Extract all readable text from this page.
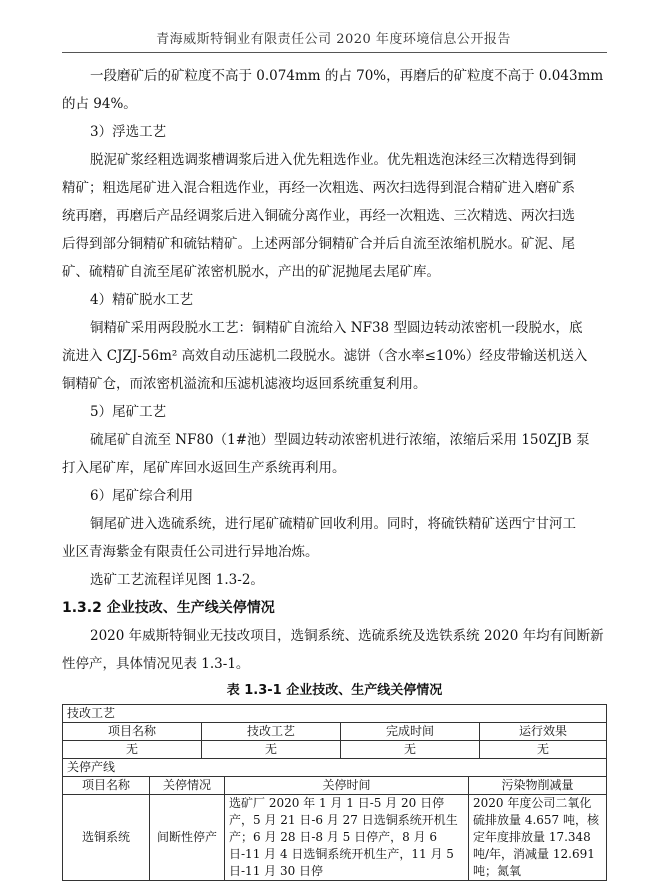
青海威斯特铜业有限责任公司 2020 年度环境信息公开报告

一段磨矿后的矿粒度不高于 0.074mm 的占 70%，再磨后的矿粒度不高于 0.043mm

的占 94%。

3）浮选工艺

脱泥矿浆经粗选调浆槽调浆后进入优先粗选作业。优先粗选泡沫经三次精选得到铜

精矿；粗选尾矿进入混合粗选作业，再经一次粗选、两次扫选得到混合精矿进入磨矿系

统再磨，再磨后产品经调浆后进入铜硫分离作业，再经一次粗选、三次精选、两次扫选

后得到部分铜精矿和硫钴精矿。上述两部分铜精矿合并后自流至浓缩机脱水。矿泥、尾

矿、硫精矿自流至尾矿浓密机脱水，产出的矿泥抛尾去尾矿库。

4）精矿脱水工艺

铜精矿采用两段脱水工艺：铜精矿自流给入 NF38 型圆边转动浓密机一段脱水，底

流进入 CJZJ-56m² 高效自动压滤机二段脱水。滤饼（含水率≤10%）经皮带输送机送入

铜精矿仓，而浓密机溢流和压滤机滤液均返回系统重复利用。

5）尾矿工艺

硫尾矿自流至 NF80（1#池）型圆边转动浓密机进行浓缩，浓缩后采用 150ZJB 泵

打入尾矿库，尾矿库回水返回生产系统再利用。

6）尾矿综合利用

铜尾矿进入选硫系统，进行尾矿硫精矿回收利用。同时，将硫铁精矿送西宁甘河工

业区青海紫金有限责任公司进行异地冶炼。

选矿工艺流程详见图 1.3-2。

1.3.2 企业技改、生产线关停情况

2020 年威斯特铜业无技改项目，选铜系统、选硫系统及选铁系统 2020 年均有间断新

性停产，具体情况见表 1.3-1。

表 1.3-1 企业技改、生产线关停情况
技改工艺			
项目名称	技改工艺	完成时间	运行效果
无	无	无	无
关停产线			
项目名称	关停情况	关停时间	污染物削减量
选铜系统	间断性停产	选矿厂 2020 年 1 月 1 日-5 月 20 日停产，5 月 21 日-6 月 27 日选铜系统开机生产；6 月 28 日-8 月 5 日停产，8 月 6 日-11 月 4 日选铜系统开机生产，11 月 5 日-11 月 30 日停	2020 年度公司二氧化硫排放量 4.657 吨，核定年度排放量 17.348 吨/年，消减量 12.691 吨；氮氧
